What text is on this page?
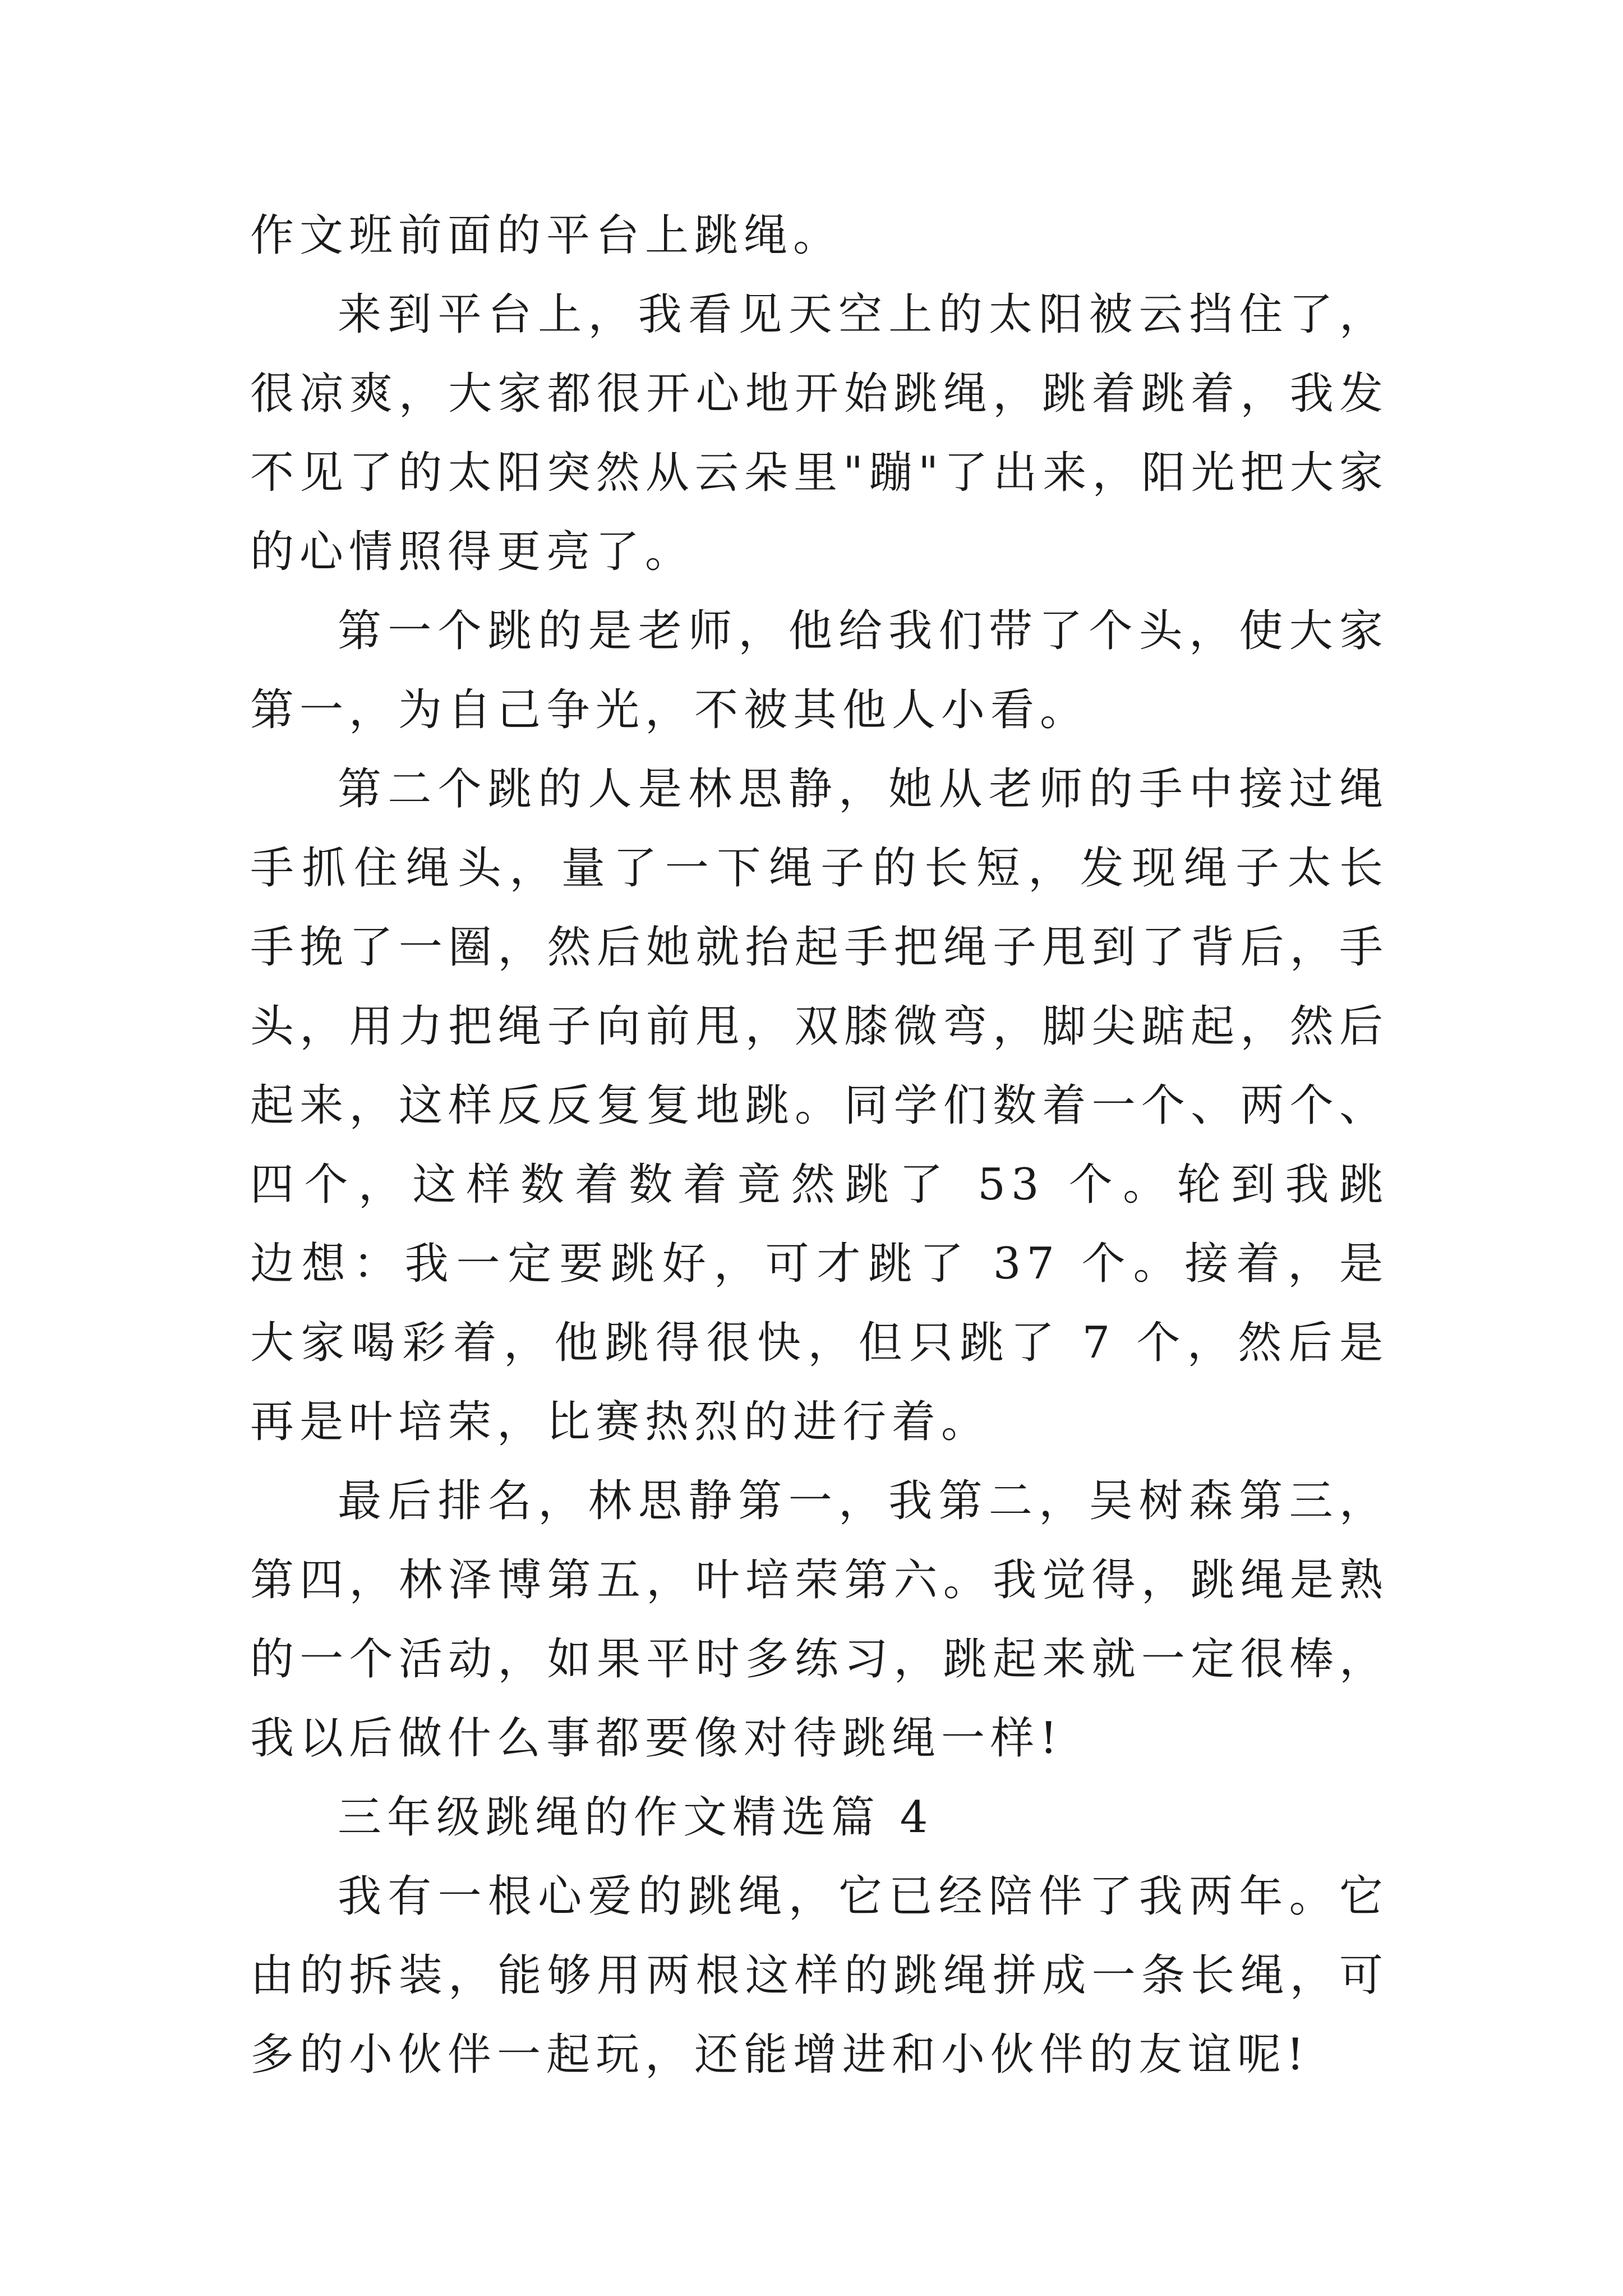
作文班前面的平台上跳绳。
来到平台上，我看见天空上的太阳被云挡住了，
很凉爽，大家都很开心地开始跳绳，跳着跳着，我发
不见了的太阳突然从云朵里"蹦"了出来，阳光把大家
的心情照得更亮了。
第一个跳的是老师，他给我们带了个头，使大家
第一，为自己争光，不被其他人小看。
第二个跳的人是林思静，她从老师的手中接过绳
手抓住绳头，量了一下绳子的长短，发现绳子太长
手挽了一圈，然后她就抬起手把绳子甩到了背后，手
头，用力把绳子向前甩，双膝微弯，脚尖踮起，然后
起来，这样反反复复地跳。同学们数着一个、两个、
四个，这样数着数着竟然跳了 53 个。轮到我跳
边想：我一定要跳好，可才跳了 37 个。接着，是
大家喝彩着，他跳得很快，但只跳了 7 个，然后是
再是叶培荣，比赛热烈的进行着。
最后排名，林思静第一，我第二，吴树森第三，
第四，林泽博第五，叶培荣第六。我觉得，跳绳是熟
的一个活动，如果平时多练习，跳起来就一定很棒，
我以后做什么事都要像对待跳绳一样!
三年级跳绳的作文精选篇 4
我有一根心爱的跳绳，它已经陪伴了我两年。它
由的拆装，能够用两根这样的跳绳拼成一条长绳，可
多的小伙伴一起玩，还能增进和小伙伴的友谊呢!
